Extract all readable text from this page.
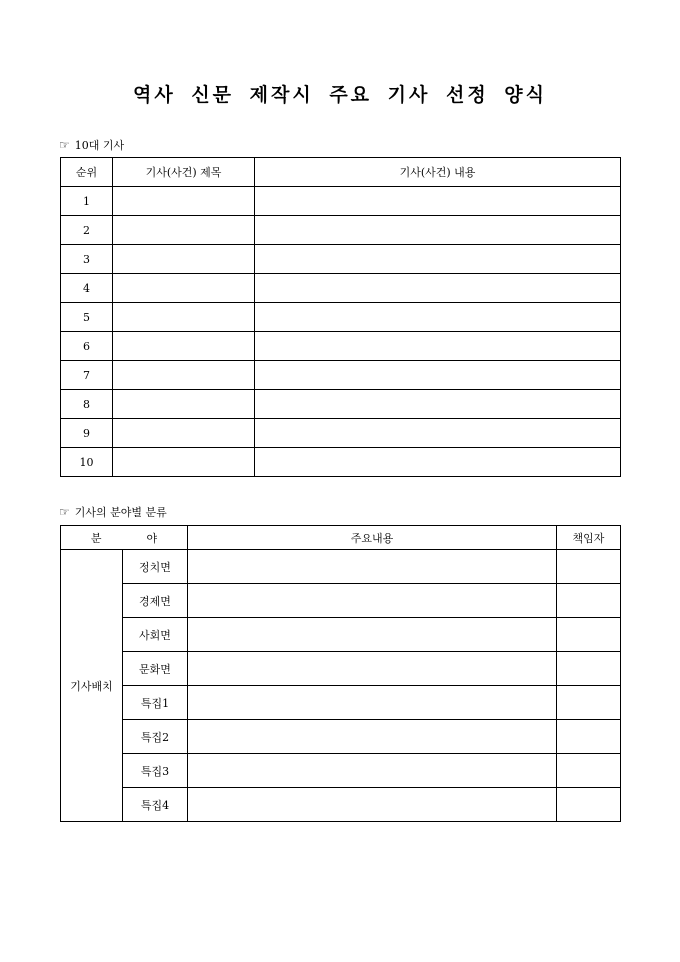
역사 신문 제작시 주요 기사 선정 양식
☞ 10대 기사
순위	기사(사건) 제목	기사(사건) 내용
1		
2		
3		
4		
5		
6		
7		
8		
9		
10		
☞ 기사의 분야별 분류
분 야		주요내용	책임자
기사배치	정치면		
	경제면		
	사회면		
	문화면		
	특집1		
	특집2		
	특집3		
	특집4		
